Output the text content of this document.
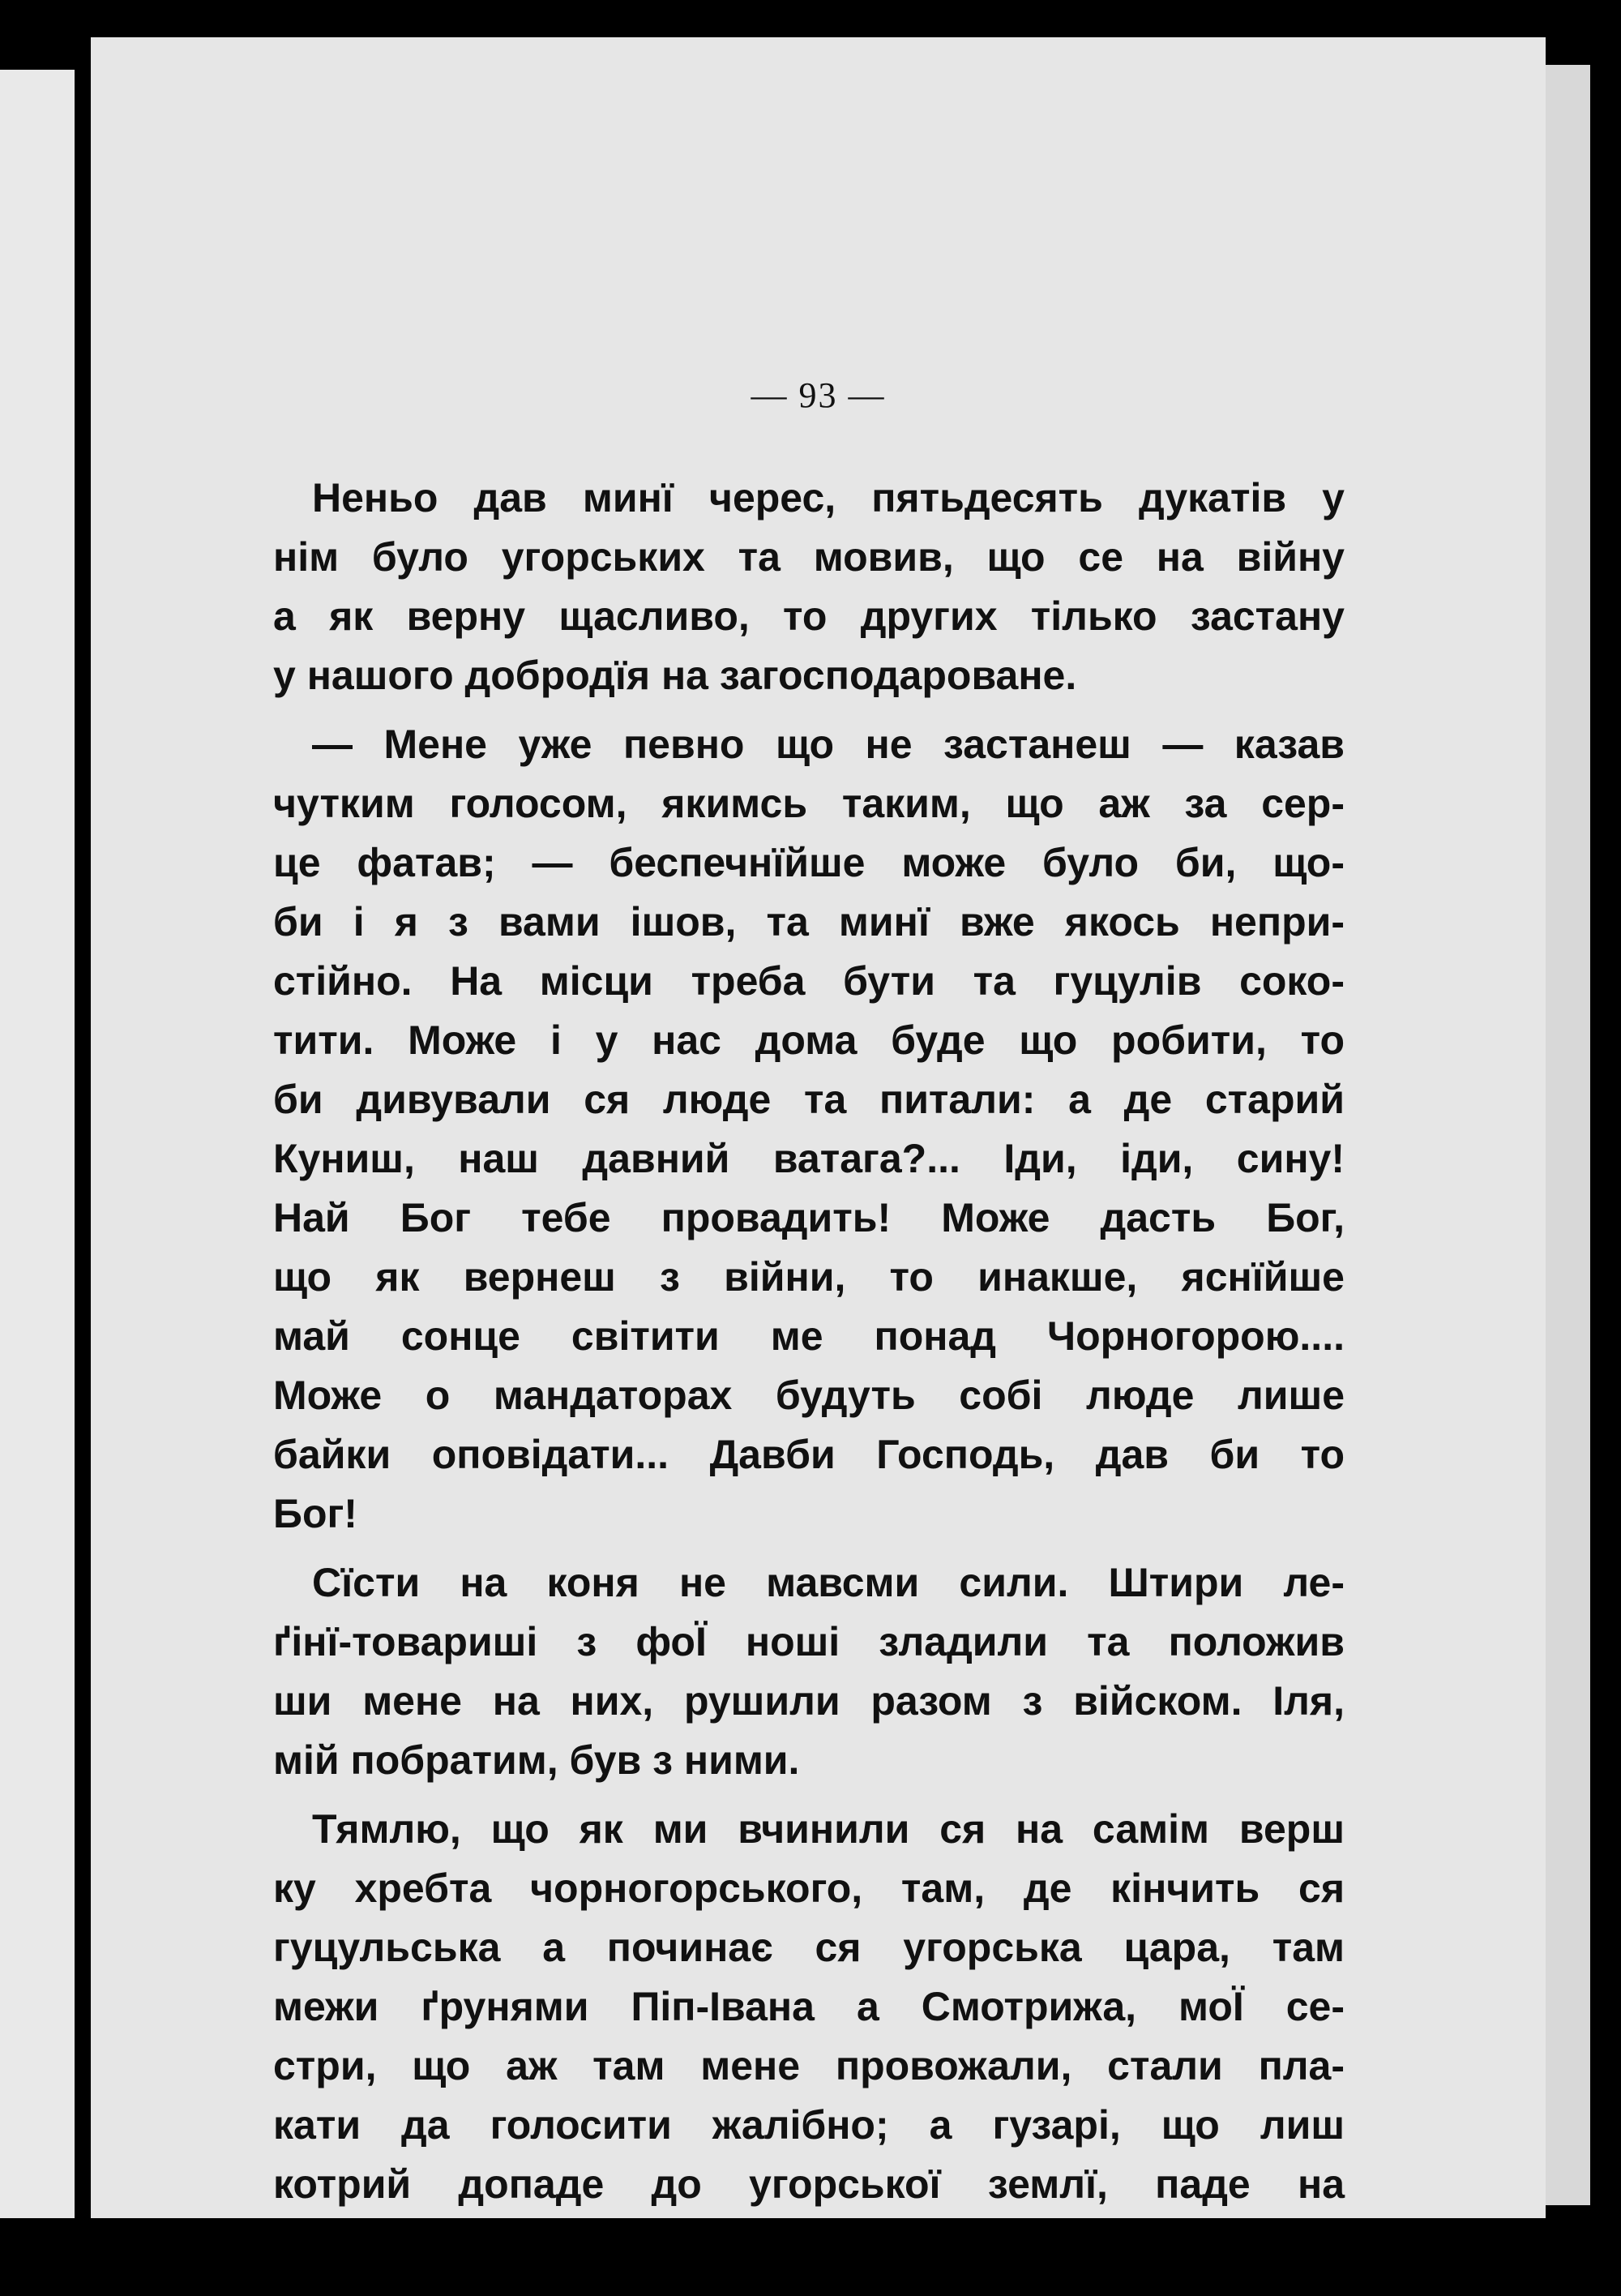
— 93 —
Неньо дав минї черес, пятьдесять дукатів у
нім було угорських та мовив, що се на війну
а як верну щасливо, то других тілько застану
у нашого добродїя на загосподароване.
— Мене уже певно що не застанеш — казав
чутким голосом, якимсь таким, що аж за сер-
це фатав; — беспечнїйше може було би, що-
би і я з вами ішов, та минї вже якось непри-
стійно. На місци треба бути та гуцулів соко-
тити. Може і у нас дома буде що робити, то
би дивували ся люде та питали: а де старий
Куниш, наш давний ватага?... Іди, іди, сину!
Най Бог тебе провадить! Може дасть Бог,
що як вернеш з війни, то инакше, яснїйше
май сонце світити ме понад Чорногорою....
Може о мандаторах будуть собі люде лише
байки оповідати... Давби Господь, дав би то
Бог!
Сїсти на коня не мавсми сили. Штири ле-
ґінї-товариші з фоЇ ноші зладили та положив
ши мене на них, рушили разом з війском. Іля,
мій побратим, був з ними.
Тямлю, що як ми вчинили ся на самім верш
ку хребта чорногорського, там, де кінчить ся
гуцульська а починає ся угорська цара, там
межи ґрунями Піп-Івана а Смотрижа, моЇ се-
стри, що аж там мене провожали, стали пла-
кати да голосити жалібно; а гузарі, що лиш
котрий допаде до угорської землї, паде на
